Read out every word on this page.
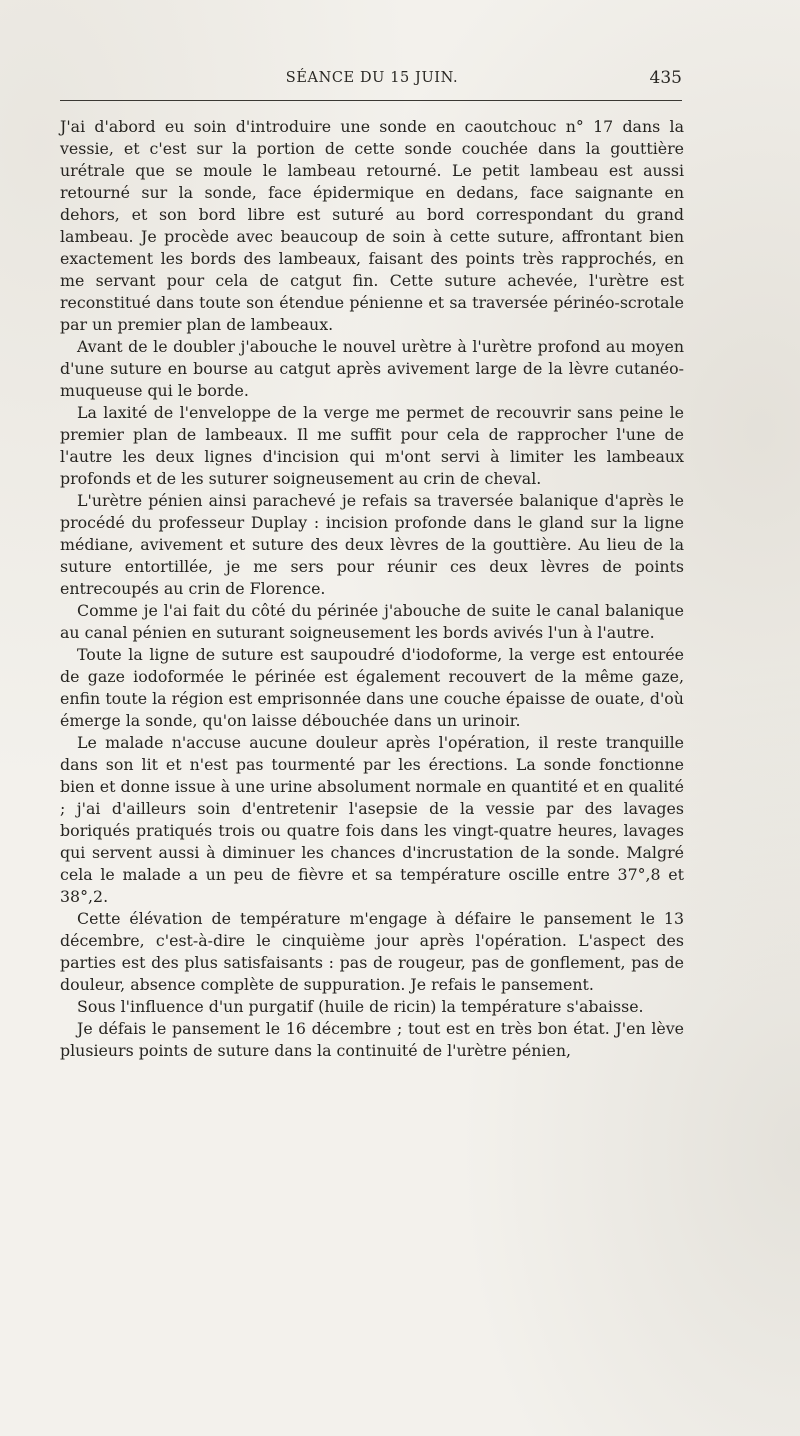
SÉANCE DU 15 JUIN.	435

J'ai d'abord eu soin d'introduire une sonde en caoutchouc n° 17 dans la vessie, et c'est sur la portion de cette sonde couchée dans la gouttière urétrale que se moule le lambeau retourné. Le petit lambeau est aussi retourné sur la sonde, face épidermique en dedans, face saignante en dehors, et son bord libre est suturé au bord correspondant du grand lambeau. Je procède avec beaucoup de soin à cette suture, affrontant bien exactement les bords des lambeaux, faisant des points très rapprochés, en me servant pour cela de catgut fin. Cette suture achevée, l'urètre est reconstitué dans toute son étendue pénienne et sa traversée périnéo-scrotale par un premier plan de lambeaux.

Avant de le doubler j'abouche le nouvel urètre à l'urètre profond au moyen d'une suture en bourse au catgut après avivement large de la lèvre cutanéo-muqueuse qui le borde.

La laxité de l'enveloppe de la verge me permet de recouvrir sans peine le premier plan de lambeaux. Il me suffit pour cela de rapprocher l'une de l'autre les deux lignes d'incision qui m'ont servi à limiter les lambeaux profonds et de les suturer soigneusement au crin de cheval.

L'urètre pénien ainsi parachevé je refais sa traversée balanique d'après le procédé du professeur Duplay : incision profonde dans le gland sur la ligne médiane, avivement et suture des deux lèvres de la gouttière. Au lieu de la suture entortillée, je me sers pour réunir ces deux lèvres de points entrecoupés au crin de Florence.

Comme je l'ai fait du côté du périnée j'abouche de suite le canal balanique au canal pénien en suturant soigneusement les bords avivés l'un à l'autre.

Toute la ligne de suture est saupoudré d'iodoforme, la verge est entourée de gaze iodoformée le périnée est également recouvert de la même gaze, enfin toute la région est emprisonnée dans une couche épaisse de ouate, d'où émerge la sonde, qu'on laisse débouchée dans un urinoir.

Le malade n'accuse aucune douleur après l'opération, il reste tranquille dans son lit et n'est pas tourmenté par les érections. La sonde fonctionne bien et donne issue à une urine absolument normale en quantité et en qualité ; j'ai d'ailleurs soin d'entretenir l'asepsie de la vessie par des lavages boriqués pratiqués trois ou quatre fois dans les vingt-quatre heures, lavages qui servent aussi à diminuer les chances d'incrustation de la sonde. Malgré cela le malade a un peu de fièvre et sa température oscille entre 37°,8 et 38°,2.

Cette élévation de température m'engage à défaire le pansement le 13 décembre, c'est-à-dire le cinquième jour après l'opération. L'aspect des parties est des plus satisfaisants : pas de rougeur, pas de gonflement, pas de douleur, absence complète de suppuration. Je refais le pansement.

Sous l'influence d'un purgatif (huile de ricin) la température s'abaisse.

Je défais le pansement le 16 décembre ; tout est en très bon état. J'en lève plusieurs points de suture dans la continuité de l'urètre pénien,
